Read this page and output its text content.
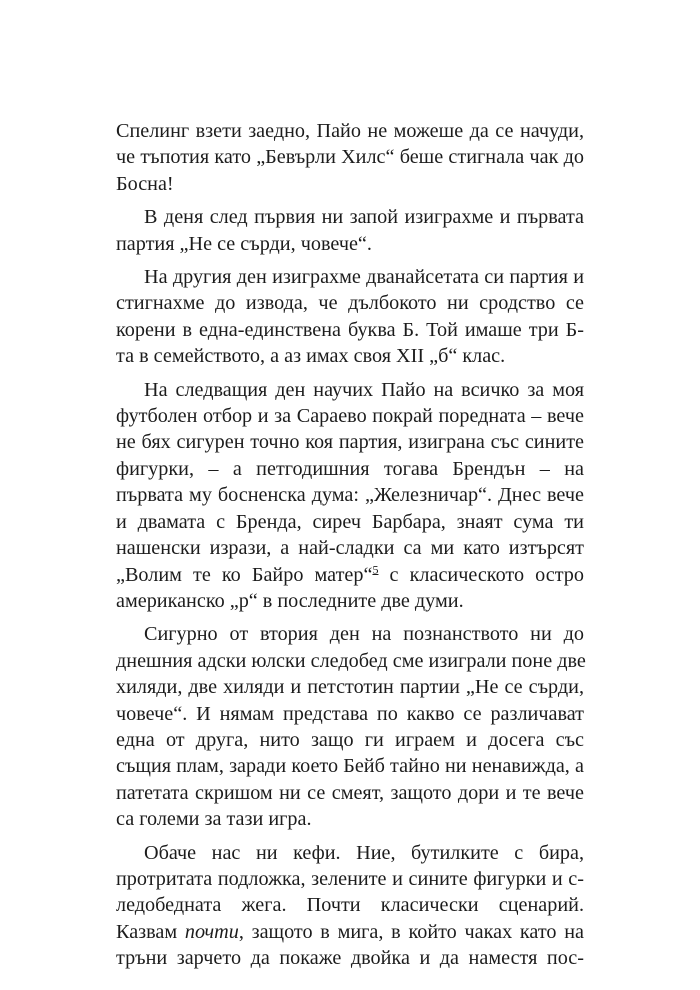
Спелинг взети заедно, Пайо не можеше да се начуди,
че тъпотия като „Бевърли Хилс“ беше стигнала чак до
Босна!
В деня след първия ни запой изиграхме и първата
партия „Не се сърди, човече“.
На другия ден изиграхме дванайсетата си партия и
стигнахме до извода, че дълбокото ни сродство се
корени в една-единствена буква Б. Той имаше три Б-
та в семейството, а аз имах своя XII „б“ клас.
На следващия ден научих Пайо на всичко за моя
футболен отбор и за Сараево покрай поредната – вече
не бях сигурен точно коя партия, изиграна със сините
фигурки, – а петгодишния тогава Брендън – на
първата му босненска дума: „Железничар“. Днес вече
и двамата с Бренда, сиреч Барбара, знаят сума ти
нашенски изрази, а най-сладки са ми като изтърсят
„Волим те ко Байро матер“$^5$ с класическото остро
американско „р“ в последните две думи.
Сигурно от втория ден на познанството ни до
днешния адски юлски следобед сме изиграли поне две
хиляди, две хиляди и петстотин партии „Не се сърди,
човече“. И нямам представа по какво се различават
една от друга, нито защо ги играем и досега със
същия плам, заради което Бейб тайно ни ненавижда, а
патетата скришом ни се смеят, защото дори и те вече
са големи за тази игра.
Обаче нас ни кефи. Ние, бутилките с бира,
протритата подложка, зелените и сините фигурки и с-
ледобедната жега. Почти класически сценарий.
Казвам почти, защото в мига, в който чаках като на
тръни зарчето да покаже двойка и да наместя пос-
